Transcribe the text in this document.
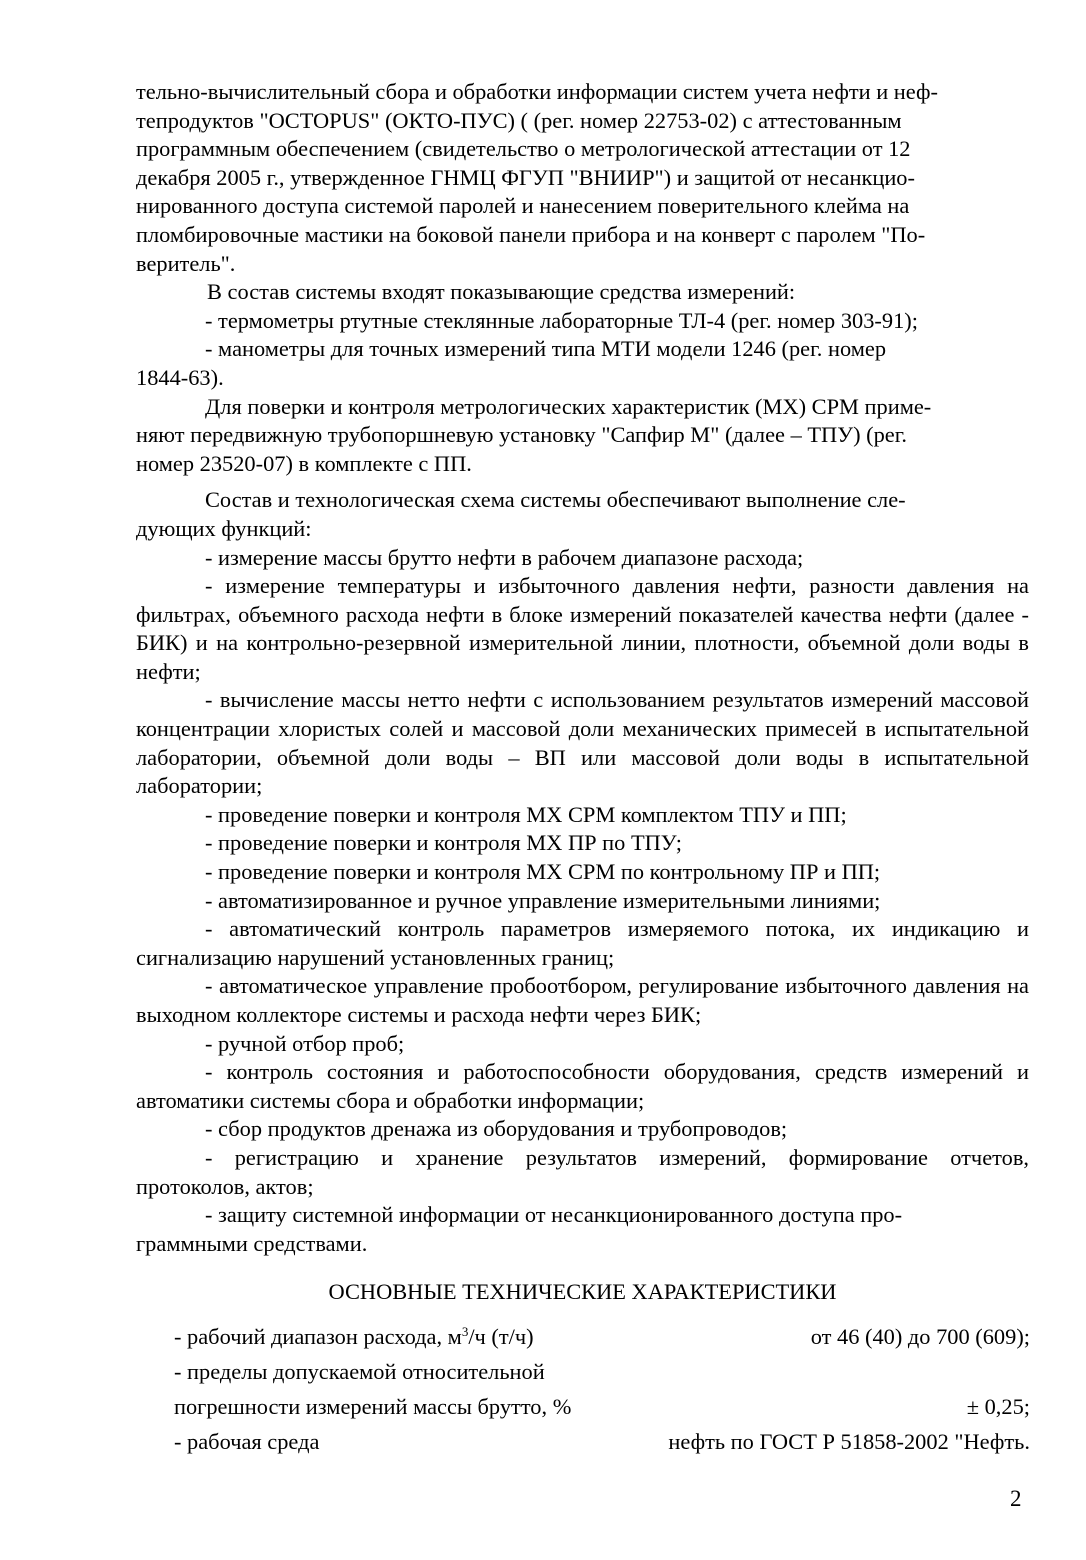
тельно-вычислительный сбора и обработки информации систем учета нефти и неф-
тепродуктов "OCTOPUS" (ОКТО-ПУС) ( (рег. номер 22753-02) с аттестованным
программным обеспечением (свидетельство о метрологической аттестации от 12
декабря 2005 г., утвержденное ГНМЦ ФГУП "ВНИИР") и защитой от несанкцио-
нированного доступа системой паролей и нанесением поверительного клейма на
пломбировочные мастики на боковой панели прибора и на конверт с паролем "По-
веритель".

В состав системы входят показывающие средства измерений:

- термометры ртутные стеклянные лабораторные ТЛ-4 (рег. номер 303-91);

- манометры для точных измерений типа МТИ модели 1246 (рег. номер
1844-63).

Для поверки и контроля метрологических характеристик (МХ) СРМ приме-
няют передвижную трубопоршневую установку "Сапфир М" (далее – ТПУ) (рег.
номер 23520-07) в комплекте с ПП.

Состав и технологическая схема системы обеспечивают выполнение сле-
дующих функций:

- измерение массы брутто нефти в рабочем диапазоне расхода;

- измерение температуры и избыточного давления нефти, разности давления на фильтрах, объемного расхода нефти в блоке измерений показателей качества нефти (далее - БИК) и на контрольно-резервной измерительной линии, плотности, объемной доли воды в нефти;

- вычисление массы нетто нефти с использованием результатов измерений массовой концентрации хлористых солей и массовой доли механических примесей в испытательной лаборатории, объемной доли воды – ВП или массовой доли воды в испытательной лаборатории;

- проведение поверки и контроля МХ СРМ комплектом ТПУ и ПП;

- проведение поверки и контроля МХ ПР по ТПУ;

- проведение поверки и контроля МХ СРМ по контрольному ПР и ПП;

- автоматизированное и ручное управление измерительными линиями;

- автоматический контроль параметров измеряемого потока, их индикацию и сигнализацию нарушений установленных границ;

- автоматическое управление пробоотбором, регулирование избыточного давления на выходном коллекторе системы и расхода нефти через БИК;

- ручной отбор проб;

- контроль состояния и работоспособности оборудования, средств измерений и автоматики системы сбора и обработки информации;

- сбор продуктов дренажа из оборудования и трубопроводов;

- регистрацию и хранение результатов измерений, формирование отчетов, протоколов, актов;

- защиту системной информации от несанкционированного доступа про-
граммными средствами.

ОСНОВНЫЕ ТЕХНИЧЕСКИЕ ХАРАКТЕРИСТИКИ
- рабочий диапазон расхода, $м^3/ч$ (т/ч)	от 46 (40) до 700 (609);
- пределы допускаемой относительной
погрешности измерений массы брутто, %	± 0,25;
- рабочая среда	нефть по ГОСТ Р 51858-2002 "Нефть.
2
